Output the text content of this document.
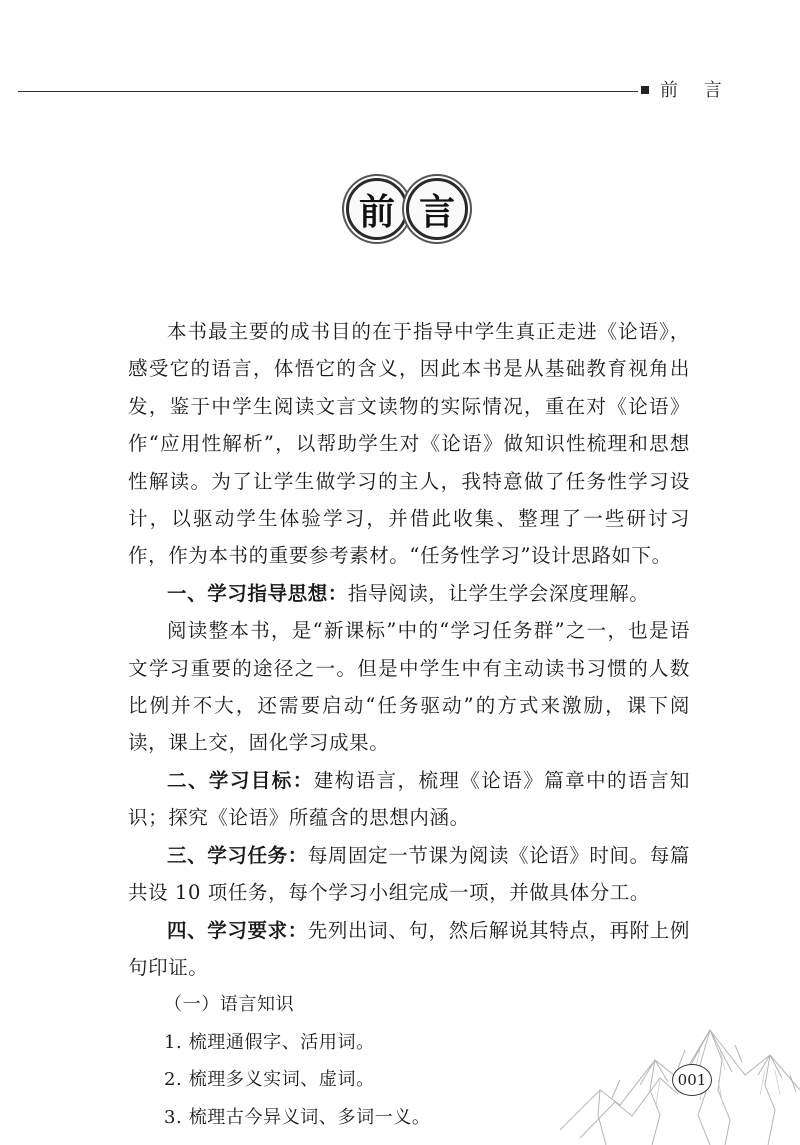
前 言
前 言

本书最主要的成书目的在于指导中学生真正走进《论语》，感受它的语言，体悟它的含义，因此本书是从基础教育视角出发，鉴于中学生阅读文言文读物的实际情况，重在对《论语》作“应用性解析”，以帮助学生对《论语》做知识性梳理和思想性解读。为了让学生做学习的主人，我特意做了任务性学习设计，以驱动学生体验学习，并借此收集、整理了一些研讨习作，作为本书的重要参考素材。“任务性学习”设计思路如下。

一、学习指导思想：指导阅读，让学生学会深度理解。

阅读整本书，是“新课标”中的“学习任务群”之一，也是语文学习重要的途径之一。但是中学生中有主动读书习惯的人数比例并不大，还需要启动“任务驱动”的方式来激励，课下阅读，课上交，固化学习成果。

二、学习目标：建构语言，梳理《论语》篇章中的语言知识；探究《论语》所蕴含的思想内涵。

三、学习任务：每周固定一节课为阅读《论语》时间。每篇共设 10 项任务，每个学习小组完成一项，并做具体分工。

四、学习要求：先列出词、句，然后解说其特点，再附上例句印证。

（一）语言知识

1. 梳理通假字、活用词。

2. 梳理多义实词、虚词。

3. 梳理古今异义词、多词一义。

001
